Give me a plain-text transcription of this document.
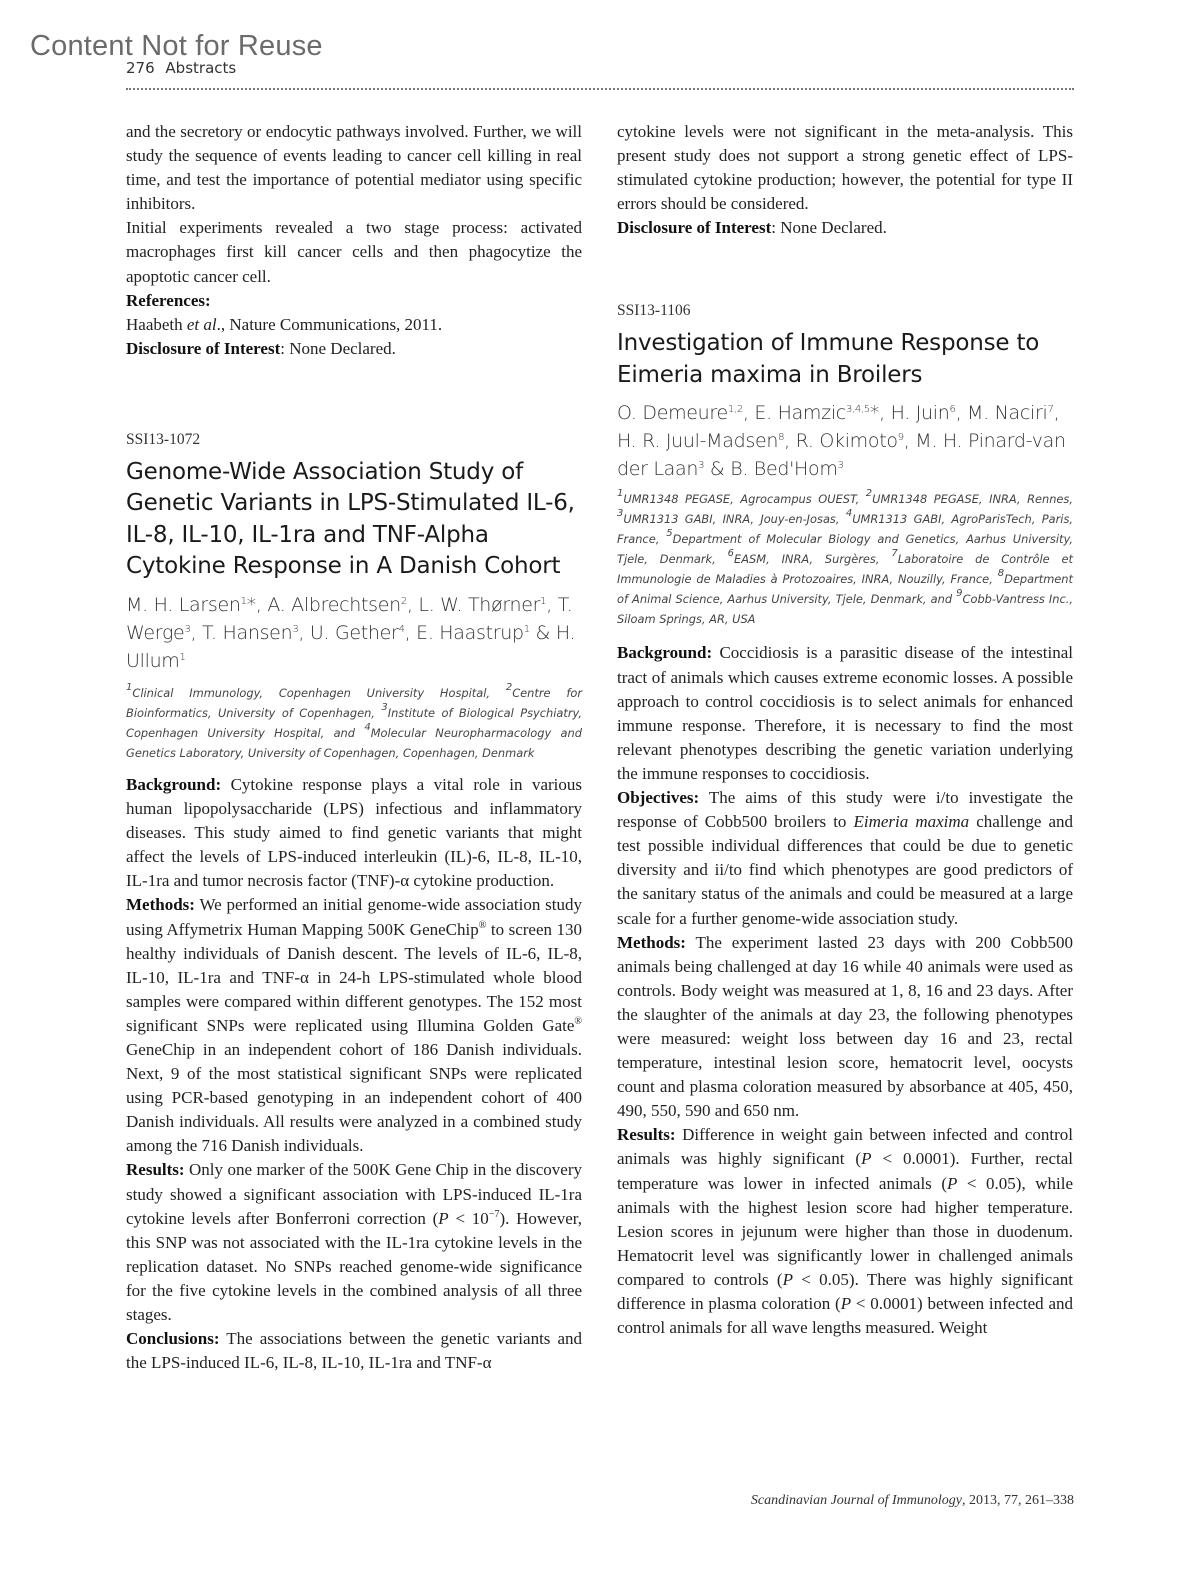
Content Not for Reuse
276 Abstracts

and the secretory or endocytic pathways involved. Further, we will study the sequence of events leading to cancer cell killing in real time, and test the importance of potential mediator using specific inhibitors.

Initial experiments revealed a two stage process: activated macrophages first kill cancer cells and then phagocytize the apoptotic cancer cell.

References:

Haabeth et al., Nature Communications, 2011.

Disclosure of Interest: None Declared.

SSI13-1072

Genome-Wide Association Study of Genetic Variants in LPS-Stimulated IL-6, IL-8, IL-10, IL-1ra and TNF-Alpha Cytokine Response in A Danish Cohort

M. H. Larsen$^1$*, A. Albrechtsen$^2$, L. W. Thørner$^1$, T. Werge$^3$, T. Hansen$^3$, U. Gether$^4$, E. Haastrup$^1$ & H. Ullum$^1$

$^1$Clinical Immunology, Copenhagen University Hospital, $^2$Centre for Bioinformatics, University of Copenhagen, $^3$Institute of Biological Psychiatry, Copenhagen University Hospital, and $^4$Molecular Neuropharmacology and Genetics Laboratory, University of Copenhagen, Copenhagen, Denmark

Background: Cytokine response plays a vital role in various human lipopolysaccharide (LPS) infectious and inflammatory diseases. This study aimed to find genetic variants that might affect the levels of LPS-induced interleukin (IL)-6, IL-8, IL-10, IL-1ra and tumor necrosis factor (TNF)-α cytokine production.

Methods: We performed an initial genome-wide association study using Affymetrix Human Mapping 500K GeneChip® to screen 130 healthy individuals of Danish descent. The levels of IL-6, IL-8, IL-10, IL-1ra and TNF-α in 24-h LPS-stimulated whole blood samples were compared within different genotypes. The 152 most significant SNPs were replicated using Illumina Golden Gate® GeneChip in an independent cohort of 186 Danish individuals. Next, 9 of the most statistical significant SNPs were replicated using PCR-based genotyping in an independent cohort of 400 Danish individuals. All results were analyzed in a combined study among the 716 Danish individuals.

Results: Only one marker of the 500K Gene Chip in the discovery study showed a significant association with LPS-induced IL-1ra cytokine levels after Bonferroni correction $(P < 10^{-7})$. However, this SNP was not associated with the IL-1ra cytokine levels in the replication dataset. No SNPs reached genome-wide significance for the five cytokine levels in the combined analysis of all three stages.

Conclusions: The associations between the genetic variants and the LPS-induced IL-6, IL-8, IL-10, IL-1ra and TNF-α

cytokine levels were not significant in the meta-analysis. This present study does not support a strong genetic effect of LPS-stimulated cytokine production; however, the potential for type II errors should be considered.

Disclosure of Interest: None Declared.

SSI13-1106

Investigation of Immune Response to Eimeria maxima in Broilers

O. Demeure$^{1,2}$, E. Hamzic$^{3,4,5}$*, H. Juin$^6$, M. Naciri$^7$, H. R. Juul-Madsen$^8$, R. Okimoto$^9$, M. H. Pinard-van der Laan$^3$ & B. Bed'Hom$^3$

$^1$UMR1348 PEGASE, Agrocampus OUEST, $^2$UMR1348 PEGASE, INRA, Rennes, $^3$UMR1313 GABI, INRA, Jouy-en-Josas, $^4$UMR1313 GABI, AgroParisTech, Paris, France, $^5$Department of Molecular Biology and Genetics, Aarhus University, Tjele, Denmark, $^6$EASM, INRA, Surgères, $^7$Laboratoire de Contrôle et Immunologie de Maladies à Protozoaires, INRA, Nouzilly, France, $^8$Department of Animal Science, Aarhus University, Tjele, Denmark, and $^9$Cobb-Vantress Inc., Siloam Springs, AR, USA

Background: Coccidiosis is a parasitic disease of the intestinal tract of animals which causes extreme economic losses. A possible approach to control coccidiosis is to select animals for enhanced immune response. Therefore, it is necessary to find the most relevant phenotypes describing the genetic variation underlying the immune responses to coccidiosis.

Objectives: The aims of this study were i/to investigate the response of Cobb500 broilers to Eimeria maxima challenge and test possible individual differences that could be due to genetic diversity and ii/to find which phenotypes are good predictors of the sanitary status of the animals and could be measured at a large scale for a further genome-wide association study.

Methods: The experiment lasted 23 days with 200 Cobb500 animals being challenged at day 16 while 40 animals were used as controls. Body weight was measured at 1, 8, 16 and 23 days. After the slaughter of the animals at day 23, the following phenotypes were measured: weight loss between day 16 and 23, rectal temperature, intestinal lesion score, hematocrit level, oocysts count and plasma coloration measured by absorbance at 405, 450, 490, 550, 590 and 650 nm.

Results: Difference in weight gain between infected and control animals was highly significant (P < 0.0001). Further, rectal temperature was lower in infected animals (P < 0.05), while animals with the highest lesion score had higher temperature. Lesion scores in jejunum were higher than those in duodenum. Hematocrit level was significantly lower in challenged animals compared to controls (P < 0.05). There was highly significant difference in plasma coloration (P < 0.0001) between infected and control animals for all wave lengths measured. Weight

Scandinavian Journal of Immunology, 2013, 77, 261–338
